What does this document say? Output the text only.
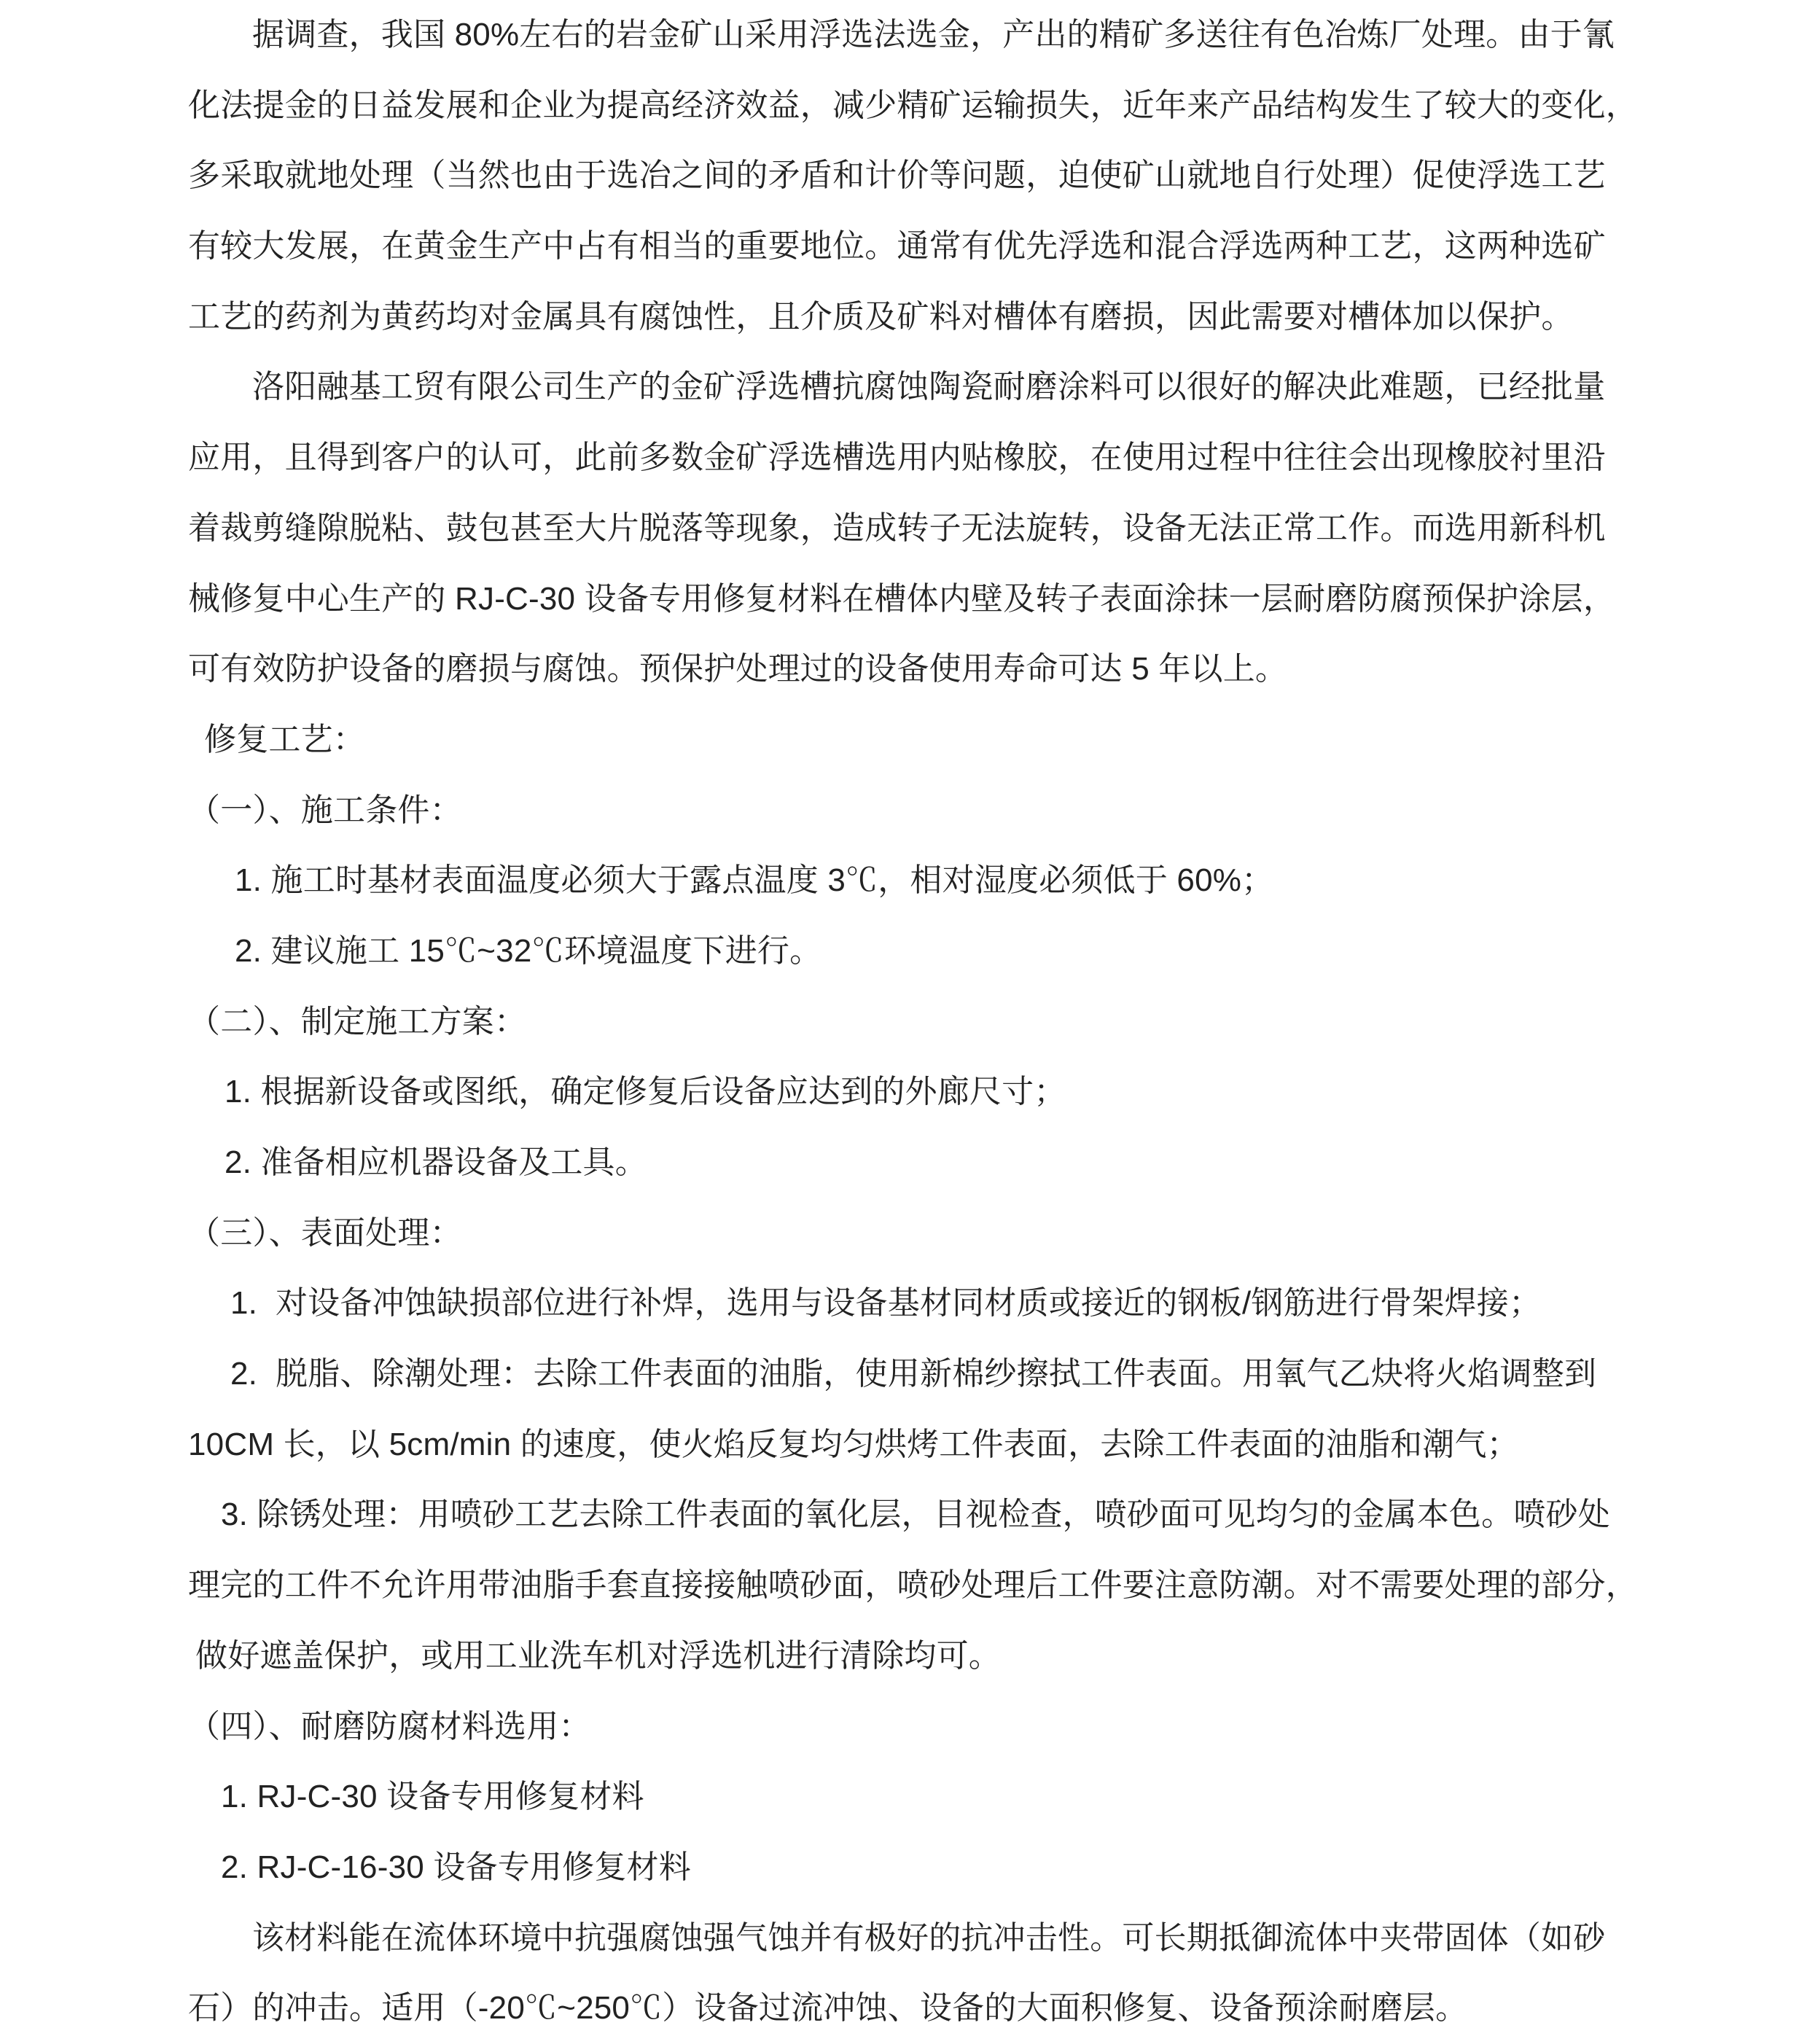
据调查，我国 80%左右的岩金矿山采用浮选法选金，产出的精矿多送往有色冶炼厂处理。由于氰
化法提金的日益发展和企业为提高经济效益，减少精矿运输损失，近年来产品结构发生了较大的变化，
多采取就地处理（当然也由于选冶之间的矛盾和计价等问题，迫使矿山就地自行处理）促使浮选工艺
有较大发展，在黄金生产中占有相当的重要地位。通常有优先浮选和混合浮选两种工艺，这两种选矿
工艺的药剂为黄药均对金属具有腐蚀性，且介质及矿料对槽体有磨损，因此需要对槽体加以保护。
洛阳融基工贸有限公司生产的金矿浮选槽抗腐蚀陶瓷耐磨涂料可以很好的解决此难题，已经批量
应用，且得到客户的认可，此前多数金矿浮选槽选用内贴橡胶，在使用过程中往往会出现橡胶衬里沿
着裁剪缝隙脱粘、鼓包甚至大片脱落等现象，造成转子无法旋转，设备无法正常工作。而选用新科机
械修复中心生产的 RJ-C-30 设备专用修复材料在槽体内壁及转子表面涂抹一层耐磨防腐预保护涂层，
可有效防护设备的磨损与腐蚀。预保护处理过的设备使用寿命可达 5 年以上。
修复工艺：
（一）、施工条件：
1. 施工时基材表面温度必须大于露点温度 3℃，相对湿度必须低于 60%；
2. 建议施工 15℃~32℃环境温度下进行。
（二）、制定施工方案：
1. 根据新设备或图纸，确定修复后设备应达到的外廊尺寸；
2. 准备相应机器设备及工具。
（三）、表面处理：
1.  对设备冲蚀缺损部位进行补焊，选用与设备基材同材质或接近的钢板/钢筋进行骨架焊接；
2.  脱脂、除潮处理：去除工件表面的油脂，使用新棉纱擦拭工件表面。用氧气乙炔将火焰调整到
10CM 长，以 5cm/min 的速度，使火焰反复均匀烘烤工件表面，去除工件表面的油脂和潮气；
3. 除锈处理：用喷砂工艺去除工件表面的氧化层，目视检查，喷砂面可见均匀的金属本色。喷砂处
理完的工件不允许用带油脂手套直接接触喷砂面，喷砂处理后工件要注意防潮。对不需要处理的部分，
做好遮盖保护，或用工业洗车机对浮选机进行清除均可。
（四）、耐磨防腐材料选用：
1. RJ-C-30 设备专用修复材料
2. RJ-C-16-30 设备专用修复材料
该材料能在流体环境中抗强腐蚀强气蚀并有极好的抗冲击性。可长期抵御流体中夹带固体（如砂
石）的冲击。适用（-20℃~250℃）设备过流冲蚀、设备的大面积修复、设备预涂耐磨层。
